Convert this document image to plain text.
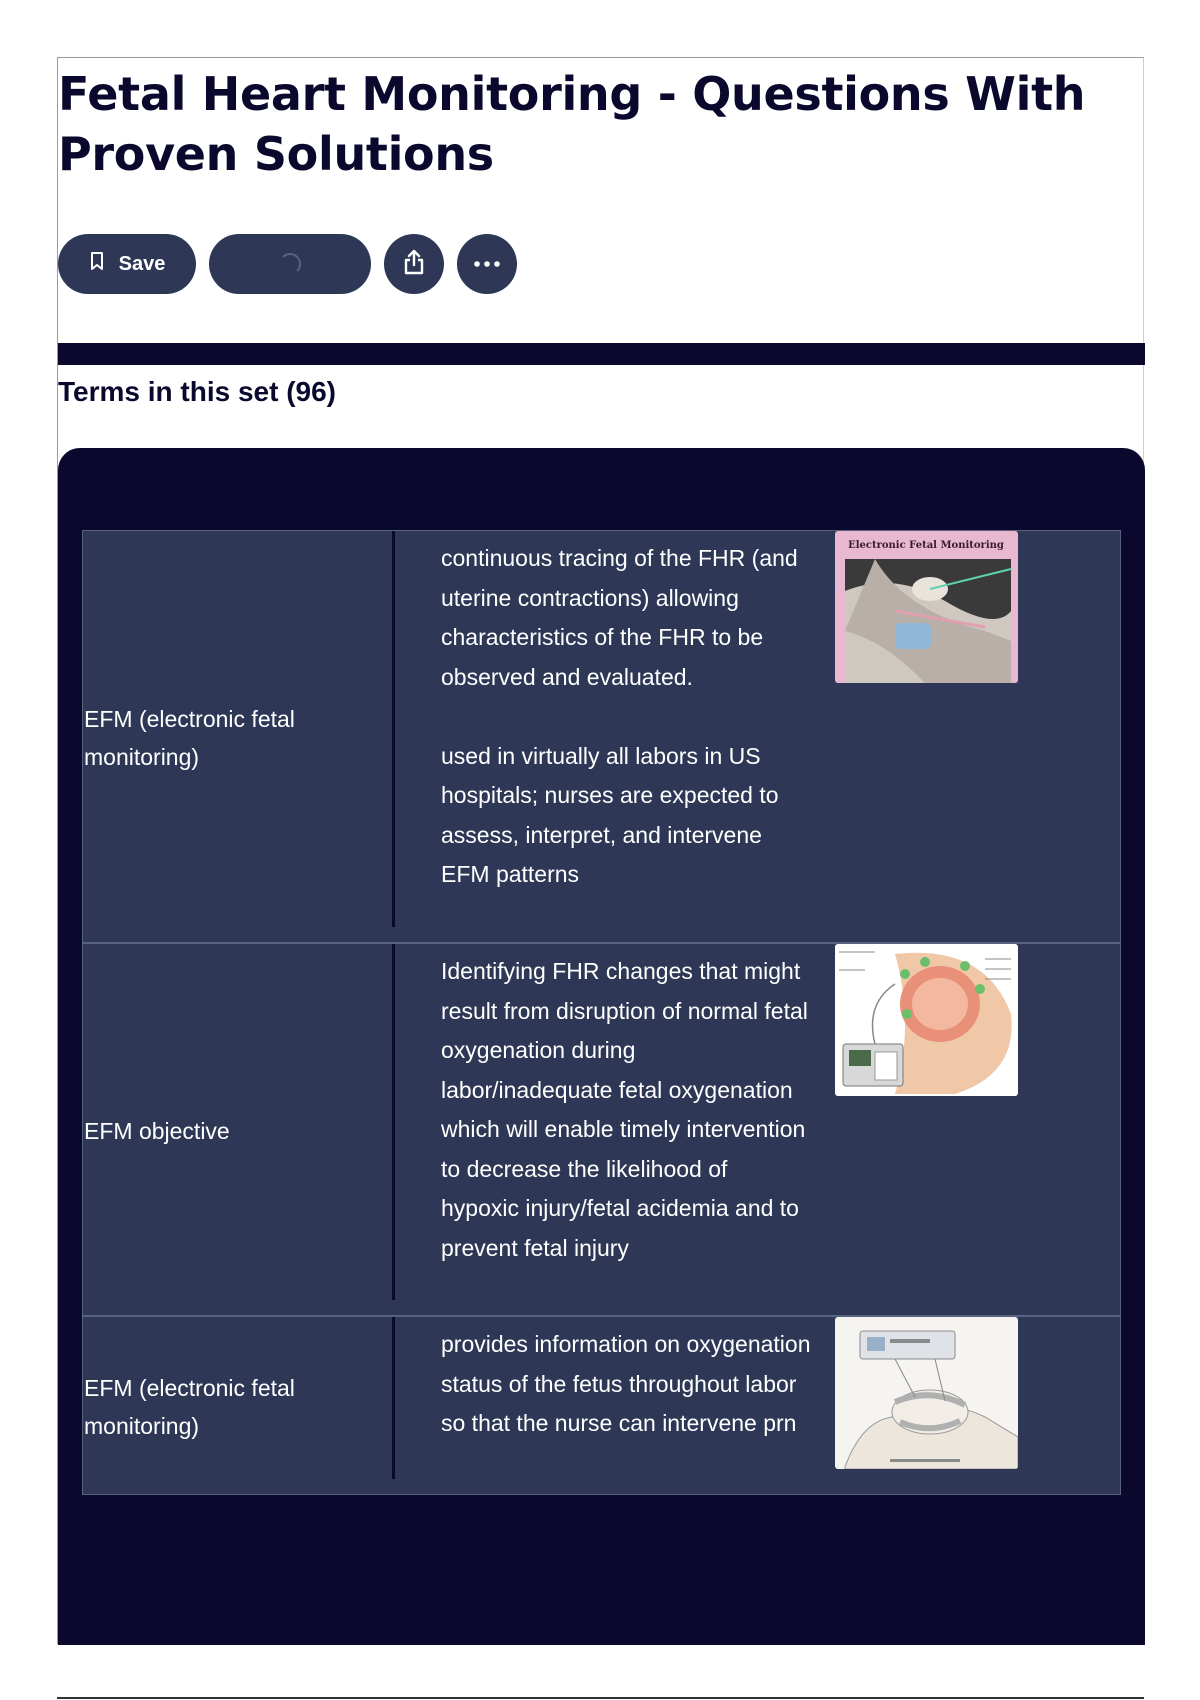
Fetal Heart Monitoring - Questions With Proven Solutions
Save
Terms in this set (96)
EFM (electronic fetal monitoring)
continuous tracing of the FHR (and uterine contractions) allowing characteristics of the FHR to be observed and evaluated.

used in virtually all labors in US hospitals; nurses are expected to assess, interpret, and intervene EFM patterns
Electronic Fetal Monitoring
EFM objective
Identifying FHR changes that might result from disruption of normal fetal oxygenation during labor/inadequate fetal oxygenation which will enable timely intervention to decrease the likelihood of hypoxic injury/fetal acidemia and to prevent fetal injury
EFM (electronic fetal monitoring)
provides information on oxygenation status of the fetus throughout labor so that the nurse can intervene prn
